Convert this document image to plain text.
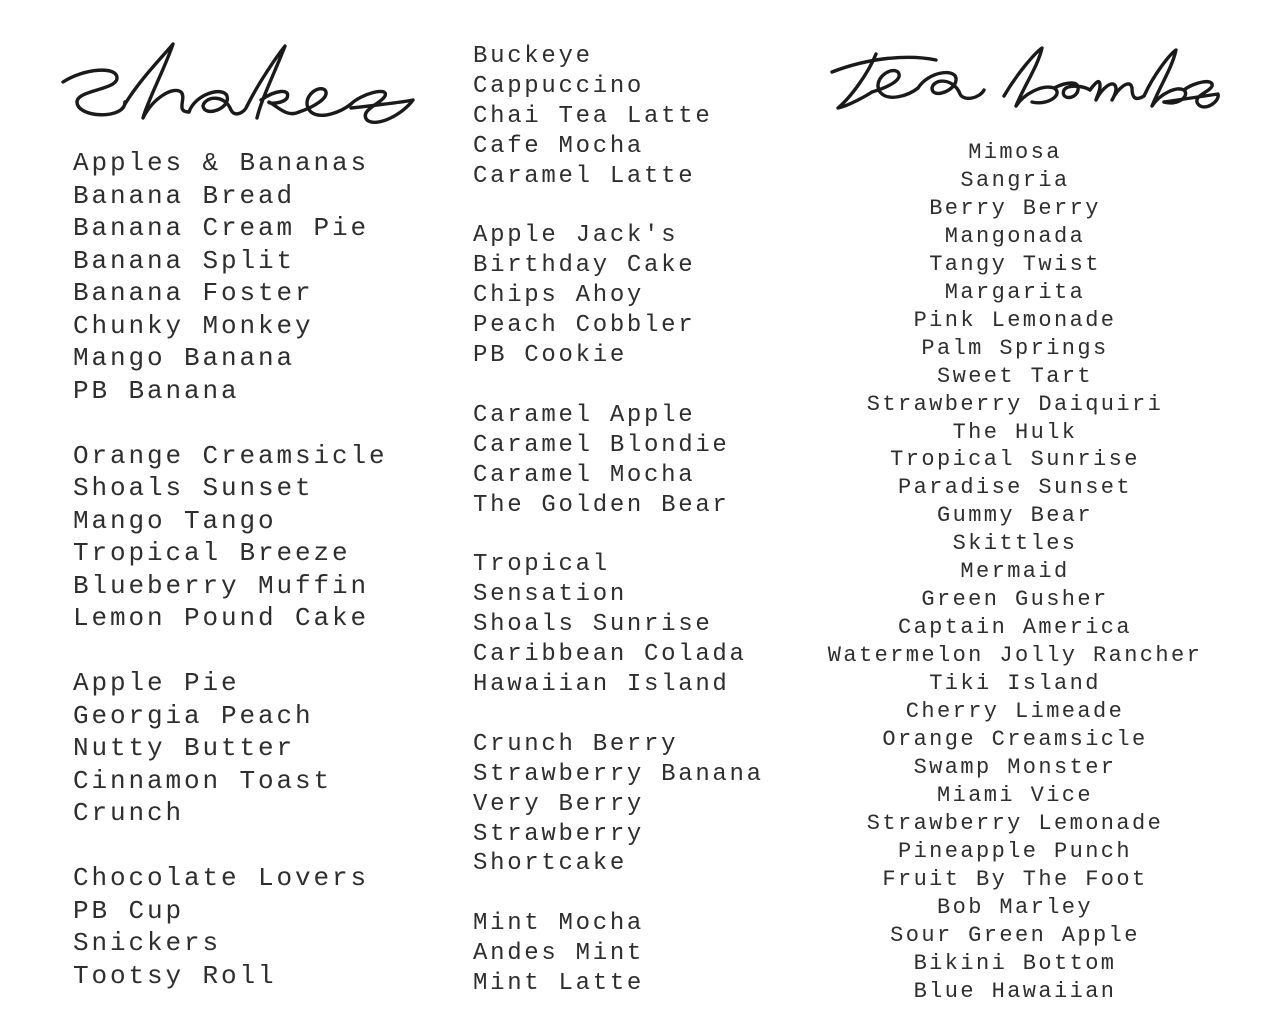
Apples & Bananas
Banana Bread
Banana Cream Pie
Banana Split
Banana Foster
Chunky Monkey
Mango Banana
PB Banana
Orange Creamsicle
Shoals Sunset
Mango Tango
Tropical Breeze
Blueberry Muffin
Lemon Pound Cake
Apple Pie
Georgia Peach
Nutty Butter
Cinnamon Toast
Crunch
Chocolate Lovers
PB Cup
Snickers
Tootsy Roll
Buckeye
Cappuccino
Chai Tea Latte
Cafe Mocha
Caramel Latte
Apple Jack's
Birthday Cake
Chips Ahoy
Peach Cobbler
PB Cookie
Caramel Apple
Caramel Blondie
Caramel Mocha
The Golden Bear
Tropical
Sensation
Shoals Sunrise
Caribbean Colada
Hawaiian Island
Crunch Berry
Strawberry Banana
Very Berry
Strawberry
Shortcake
Mint Mocha
Andes Mint
Mint Latte
Mimosa
Sangria
Berry Berry
Mangonada
Tangy Twist
Margarita
Pink Lemonade
Palm Springs
Sweet Tart
Strawberry Daiquiri
The Hulk
Tropical Sunrise
Paradise Sunset
Gummy Bear
Skittles
Mermaid
Green Gusher
Captain America
Watermelon Jolly Rancher
Tiki Island
Cherry Limeade
Orange Creamsicle
Swamp Monster
Miami Vice
Strawberry Lemonade
Pineapple Punch
Fruit By The Foot
Bob Marley
Sour Green Apple
Bikini Bottom
Blue Hawaiian
